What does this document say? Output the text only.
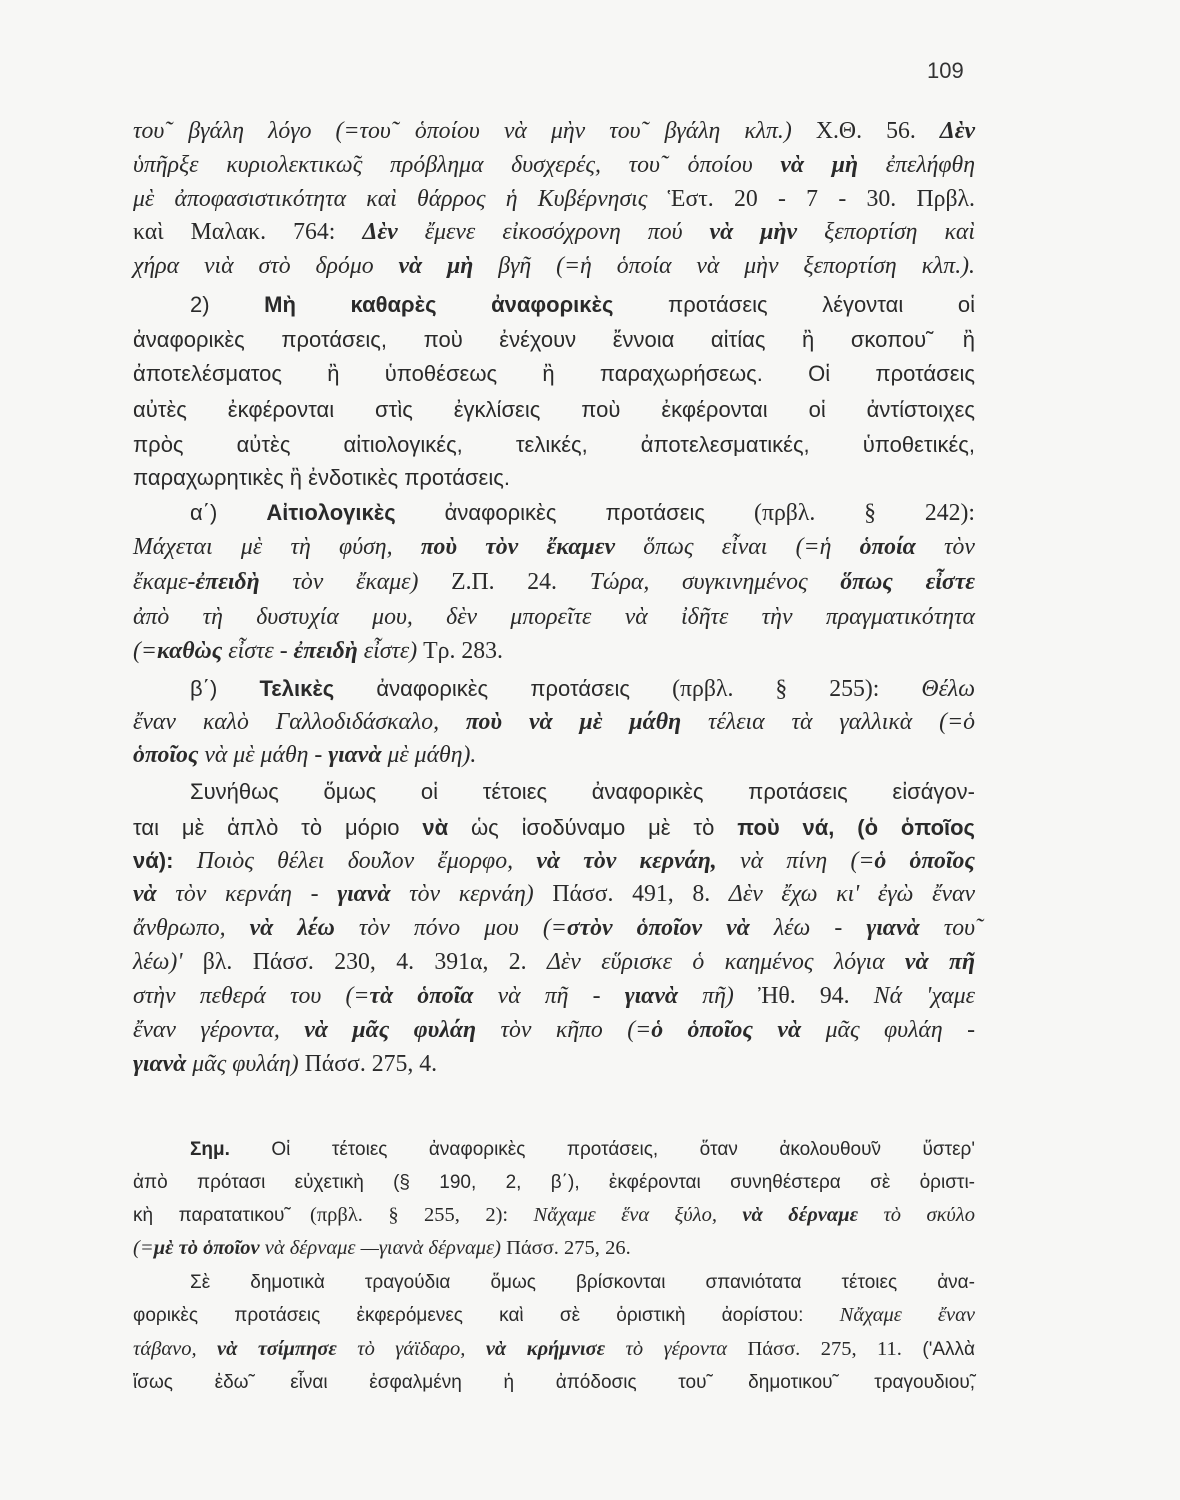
109
του̃ βγάλη λόγο (=του̃ ὁποίου νὰ μὴν του̃ βγάλη κλπ.) Χ.Θ. 56. Δὲν
ὑπῆρξε κυριολεκτικω̃ς πρόβλημα δυσχερές, του̃ ὁποίου νὰ μὴ ἐπελήφθη
μὲ ἀποφασιστικότητα καὶ θάρρος ἡ Κυβέρνησις Ἑστ. 20 - 7 - 30. Πρβλ.
καὶ Μαλακ. 764: Δὲν ἔμενε εἰκοσόχρονη πού νὰ μὴν ξεπορτίση καὶ
χήρα νιὰ στὸ δρόμο νὰ μὴ βγῆ (=ἡ ὁποία νὰ μὴν ξεπορτίση κλπ.).
2) Μὴ καθαρὲς ἀναφορικὲς προτάσεις λέγονται οἱ
ἀναφορικὲς προτάσεις, ποὺ ἐνέχουν ἔννοια αἰτίας ἢ σκοπου̃ ἢ
ἀποτελέσματος ἢ ὑποθέσεως ἢ παραχωρήσεως. Οἱ προτάσεις
αὐτὲς ἐκφέρονται στὶς ἐγκλίσεις ποὺ ἐκφέρονται οἱ ἀντίστοιχες
πρὸς αὐτὲς αἰτιολογικές, τελικές, ἀποτελεσματικές, ὑποθετικές,
παραχωρητικὲς ἢ ἐνδοτικὲς προτάσεις.
α΄) Αἰτιολογικὲς ἀναφορικὲς προτάσεις (πρβλ. § 242):
Μάχεται μὲ τὴ φύση, ποὺ τὸν ἔκαμεν ὅπως εἶναι (=ἡ ὁποία τὸν
ἔκαμε-ἐπειδὴ τὸν ἔκαμε) Ζ.Π. 24. Τώρα, συγκινημένος ὅπως εἶστε
ἀπὸ τὴ δυστυχία μου, δὲν μπορεῖτε νὰ ἰδῆτε τὴν πραγματικότητα
(=καθὼς εἶστε - ἐπειδὴ εἶστε) Τρ. 283.
β΄) Τελικὲς ἀναφορικὲς προτάσεις (πρβλ. § 255): Θέλω
ἔναν καλὸ Γαλλοδιδάσκαλο, ποὺ νὰ μὲ μάθη τέλεια τὰ γαλλικὰ (=ὁ
ὁποῖος νὰ μὲ μάθη - γιανὰ μὲ μάθη).
Συνήθως ὅμως οἱ τέτοιες ἀναφορικὲς προτάσεις εἰσάγον-
ται μὲ ἁπλὸ τὸ μόριο νὰ ὡς ἰσοδύναμο μὲ τὸ ποὺ νά, (ὁ ὁποῖος
νά): Ποιὸς θέλει δου̃λον ἔμορφο, νὰ τὸν κερνάη, νὰ πίνη (=ὁ ὁποῖος
νὰ τὸν κερνάη - γιανὰ τὸν κερνάη) Πάσσ. 491, 8. Δὲν ἔχω κι' ἐγὼ ἔναν
ἄνθρωπο, νὰ λέω τὸν πόνο μου (=στὸν ὁποῖον νὰ λέω - γιανὰ του̃
λέω)' βλ. Πάσσ. 230, 4. 391α, 2. Δὲν εὕρισκε ὁ καημένος λόγια νὰ πῆ
στὴν πεθερά του (=τὰ ὁποῖα νὰ πῆ - γιανὰ πῆ) Ἠθ. 94. Νά 'χαμε
ἔναν γέροντα, νὰ μᾶς φυλάη τὸν κῆπο (=ὁ ὁποῖος νὰ μᾶς φυλάη -
γιανὰ μᾶς φυλάη) Πάσσ. 275, 4.
Σημ. Οἱ τέτοιες ἀναφορικὲς προτάσεις, ὅταν ἀκολουθου̃ν ὕστερ'
ἀπὸ πρότασι εὐχετικὴ (§ 190, 2, β΄), ἐκφέρονται συνηθέστερα σὲ ὁριστι-
κὴ παρατατικου̃ (πρβλ. § 255, 2): Νἄχαμε ἕνα ξύλο, νὰ δέρναμε τὸ σκύλο
(=μὲ τὸ ὁποῖον νὰ δέρναμε —γιανὰ δέρναμε) Πάσσ. 275, 26.
Σὲ δημοτικὰ τραγούδια ὅμως βρίσκονται σπανιότατα τέτοιες ἀνα-
φορικὲς προτάσεις ἐκφερόμενες καὶ σὲ ὁριστικὴ ἀορίστου: Νἄχαμε ἔναν
τάβανο, νὰ τσίμπησε τὸ γάϊδαρο, νὰ κρήμνισε τὸ γέροντα Πάσσ. 275, 11. ('Αλλὰ
ἴσως ἐδω̃ εἶναι ἐσφαλμένη ἡ ἀπόδοσις του̃ δημοτικου̃ τραγουδιου̃,
